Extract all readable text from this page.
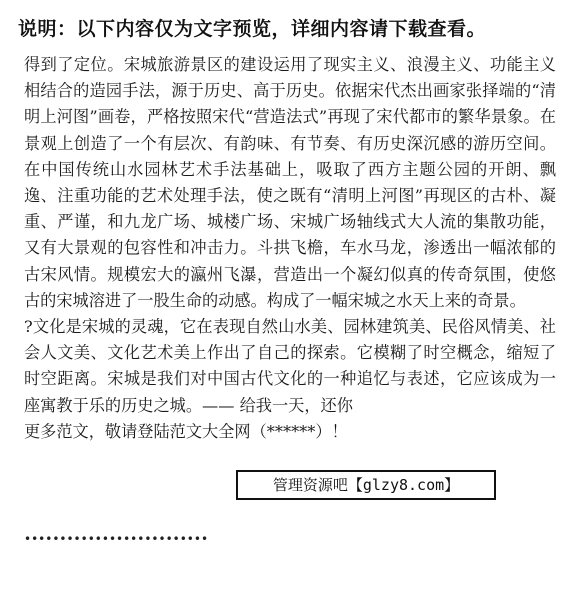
说明：以下内容仅为文字预览，详细内容请下载查看。

得到了定位。宋城旅游景区的建设运用了现实主义、浪漫主义、功能主义相结合的造园手法，源于历史、高于历史。依据宋代杰出画家张择端的“清明上河图”画卷，严格按照宋代“营造法式”再现了宋代都市的繁华景象。在景观上创造了一个有层次、有韵味、有节奏、有历史深沉感的游历空间。在中国传统山水园林艺术手法基础上，吸取了西方主题公园的开朗、飘逸、注重功能的艺术处理手法，使之既有“清明上河图”再现区的古朴、凝重、严谨，和九龙广场、城楼广场、宋城广场轴线式大人流的集散功能，又有大景观的包容性和冲击力。斗拱飞檐，车水马龙，渗透出一幅浓郁的古宋风情。规模宏大的瀛州飞瀑，营造出一个凝幻似真的传奇氛围，使悠古的宋城溶进了一股生命的动感。构成了一幅宋城之水天上来的奇景。

?文化是宋城的灵魂，它在表现自然山水美、园林建筑美、民俗风情美、社会人文美、文化艺术美上作出了自己的探索。它模糊了时空概念，缩短了时空距离。宋城是我们对中国古代文化的一种追忆与表述，它应该成为一座寓教于乐的历史之城。—— 给我一天，还你

更多范文，敬请登陆范文大全网（******）！

••••••••••••••••••••••••••
管理资源吧【glzy8.com】
